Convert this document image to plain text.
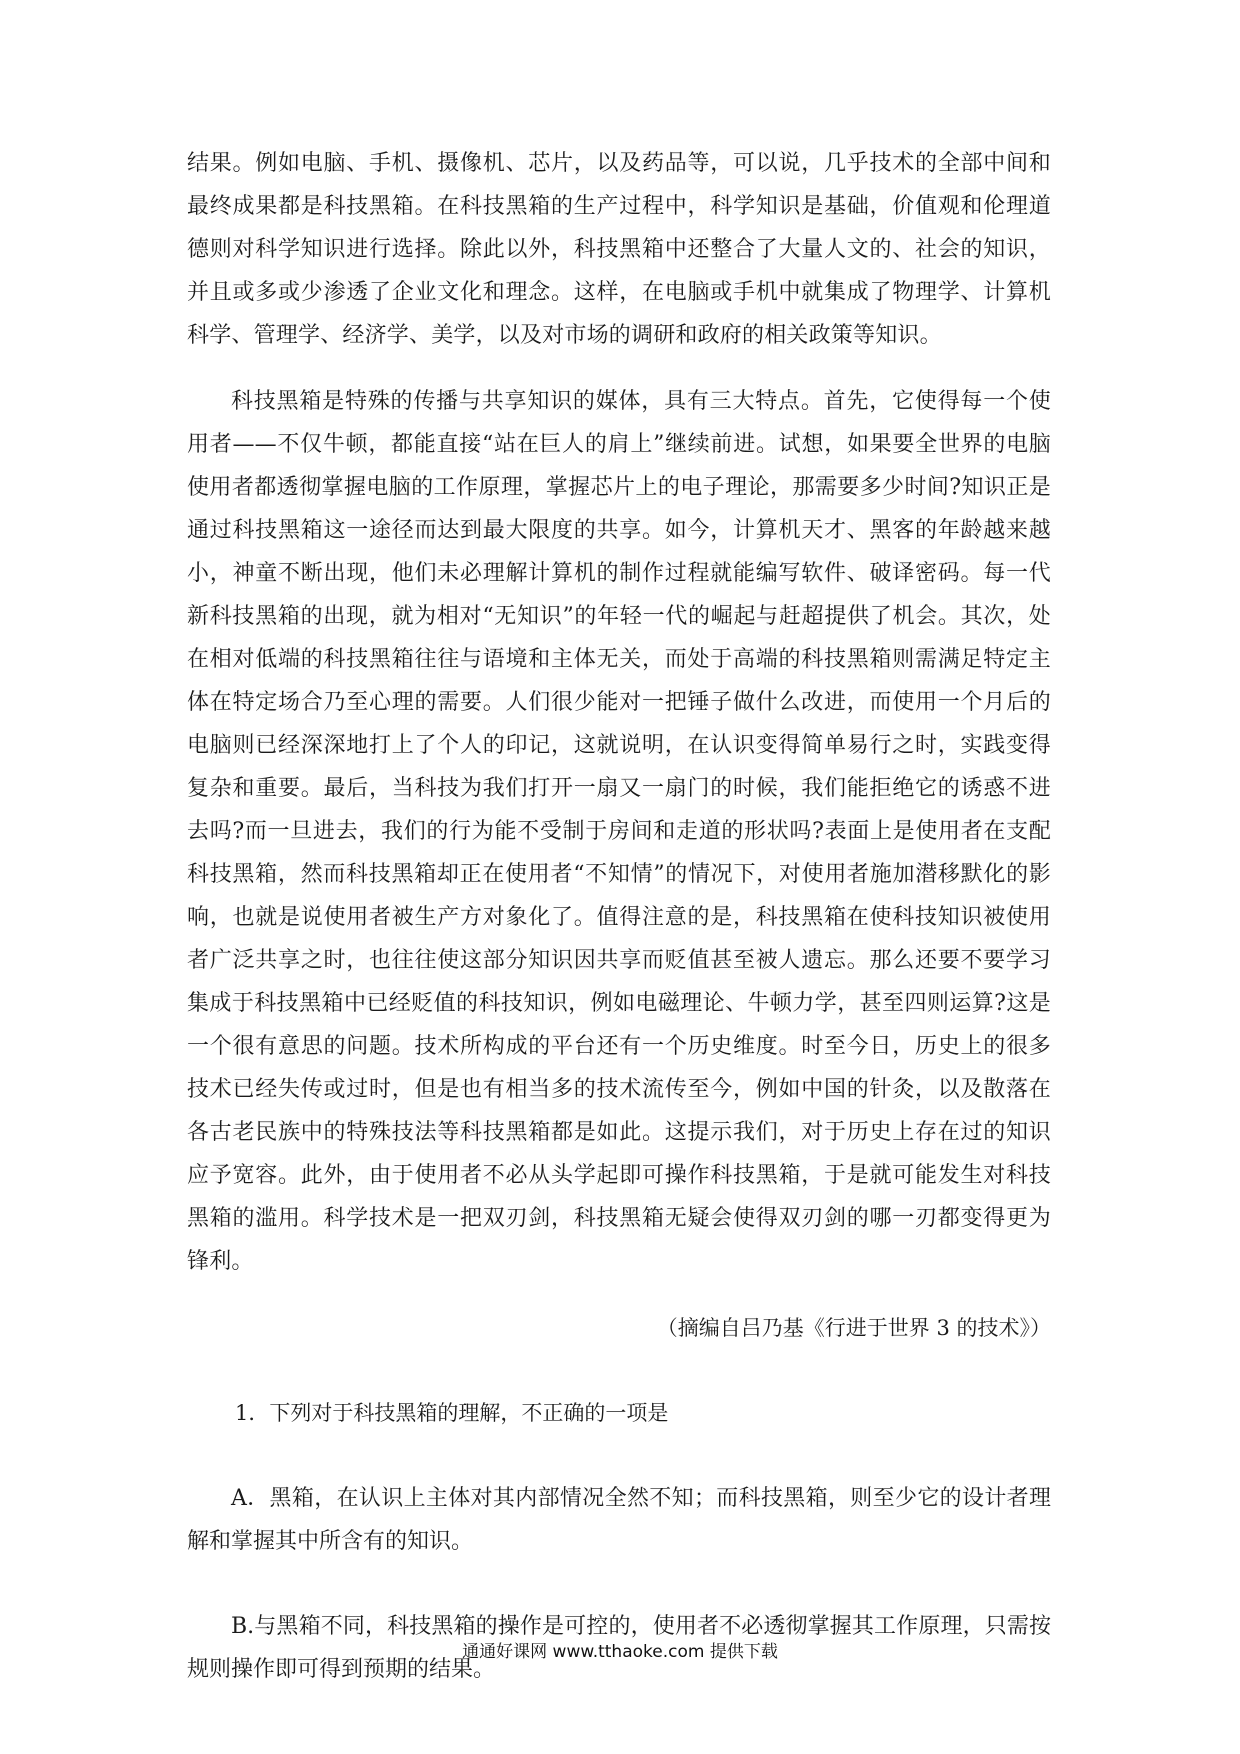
结果。例如电脑、手机、摄像机、芯片，以及药品等，可以说，几乎技术的全部中间和最终成果都是科技黑箱。在科技黑箱的生产过程中，科学知识是基础，价值观和伦理道德则对科学知识进行选择。除此以外，科技黑箱中还整合了大量人文的、社会的知识，并且或多或少渗透了企业文化和理念。这样，在电脑或手机中就集成了物理学、计算机科学、管理学、经济学、美学，以及对市场的调研和政府的相关政策等知识。

科技黑箱是特殊的传播与共享知识的媒体，具有三大特点。首先，它使得每一个使用者——不仅牛顿，都能直接“站在巨人的肩上”继续前进。试想，如果要全世界的电脑使用者都透彻掌握电脑的工作原理，掌握芯片上的电子理论，那需要多少时间?知识正是通过科技黑箱这一途径而达到最大限度的共享。如今，计算机天才、黑客的年龄越来越小，神童不断出现，他们未必理解计算机的制作过程就能编写软件、破译密码。每一代新科技黑箱的出现，就为相对“无知识”的年轻一代的崛起与赶超提供了机会。其次，处在相对低端的科技黑箱往往与语境和主体无关，而处于高端的科技黑箱则需满足特定主体在特定场合乃至心理的需要。人们很少能对一把锤子做什么改进，而使用一个月后的电脑则已经深深地打上了个人的印记，这就说明，在认识变得简单易行之时，实践变得复杂和重要。最后，当科技为我们打开一扇又一扇门的时候，我们能拒绝它的诱惑不进去吗?而一旦进去，我们的行为能不受制于房间和走道的形状吗?表面上是使用者在支配科技黑箱，然而科技黑箱却正在使用者“不知情”的情况下，对使用者施加潜移默化的影响，也就是说使用者被生产方对象化了。值得注意的是，科技黑箱在使科技知识被使用者广泛共享之时，也往往使这部分知识因共享而贬值甚至被人遗忘。那么还要不要学习集成于科技黑箱中已经贬值的科技知识，例如电磁理论、牛顿力学，甚至四则运算?这是一个很有意思的问题。技术所构成的平台还有一个历史维度。时至今日，历史上的很多技术已经失传或过时，但是也有相当多的技术流传至今，例如中国的针灸，以及散落在各古老民族中的特殊技法等科技黑箱都是如此。这提示我们，对于历史上存在过的知识应予宽容。此外，由于使用者不必从头学起即可操作科技黑箱，于是就可能发生对科技黑箱的滥用。科学技术是一把双刃剑，科技黑箱无疑会使得双刃剑的哪一刃都变得更为锋利。

（摘编自吕乃基《行进于世界 3 的技术》）

1．下列对于科技黑箱的理解，不正确的一项是

A．黑箱，在认识上主体对其内部情况全然不知；而科技黑箱，则至少它的设计者理解和掌握其中所含有的知识。

B.与黑箱不同，科技黑箱的操作是可控的，使用者不必透彻掌握其工作原理，只需按规则操作即可得到预期的结果。

通通好课网 www.tthaoke.com 提供下载
